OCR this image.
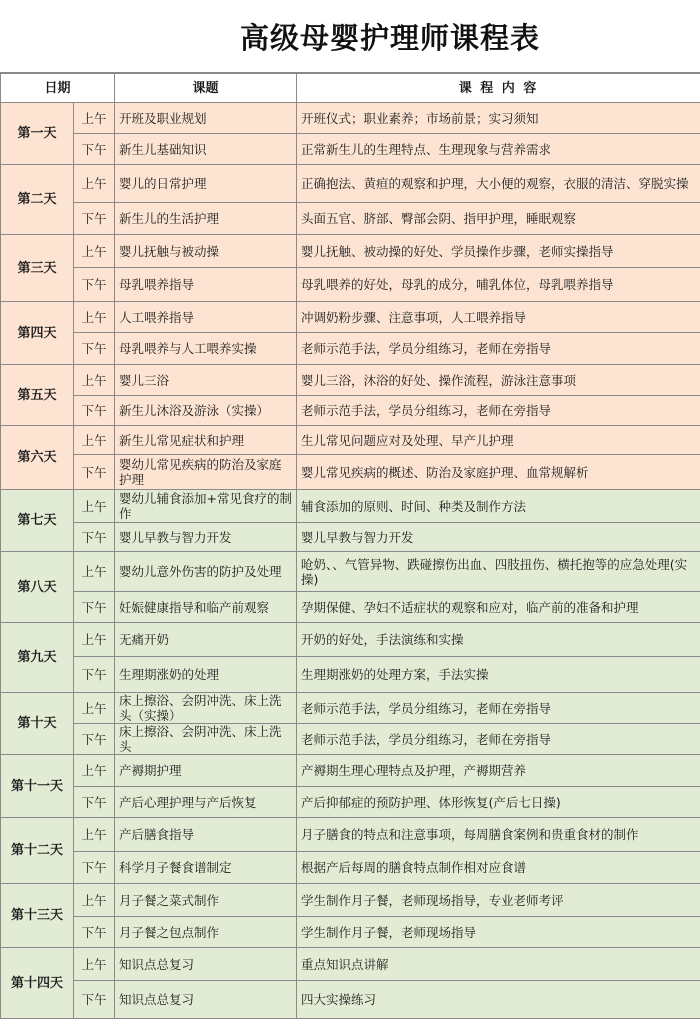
高级母婴护理师课程表
日期		课题	课 程 内 容
第一天	上午	开班及职业规划	开班仪式；职业素养；市场前景；实习须知
	下午	新生儿基础知识	正常新生儿的生理特点、生理现象与营养需求
第二天	上午	婴儿的日常护理	正确抱法、黄疸的观察和护理，大小便的观察，衣服的清洁、穿脱实操
	下午	新生儿的生活护理	头面五官、脐部、臀部会阴、指甲护理，睡眠观察
第三天	上午	婴儿抚触与被动操	婴儿抚触、被动操的好处、学员操作步骤，老师实操指导
	下午	母乳喂养指导	母乳喂养的好处，母乳的成分，哺乳体位，母乳喂养指导
第四天	上午	人工喂养指导	冲调奶粉步骤、注意事项，人工喂养指导
	下午	母乳喂养与人工喂养实操	老师示范手法，学员分组练习，老师在旁指导
第五天	上午	婴儿三浴	婴儿三浴，沐浴的好处、操作流程，游泳注意事项
	下午	新生儿沐浴及游泳（实操）	老师示范手法，学员分组练习，老师在旁指导
第六天	上午	新生儿常见症状和护理	生儿常见问题应对及处理、早产儿护理
	下午	婴幼儿常见疾病的防治及家庭护理	婴儿常见疾病的概述、防治及家庭护理、血常规解析
第七天	上午	婴幼儿辅食添加+常见食疗的制作	辅食添加的原则、时间、种类及制作方法
	下午	婴儿早教与智力开发	婴儿早教与智力开发
第八天	上午	婴幼儿意外伤害的防护及处理	呛奶、、气管异物、跌碰擦伤出血、四肢扭伤、横托抱等的应急处理(实操)
	下午	妊娠健康指导和临产前观察	孕期保健、孕妇不适症状的观察和应对，临产前的准备和护理
第九天	上午	无痛开奶	开奶的好处，手法演练和实操
	下午	生理期涨奶的处理	生理期涨奶的处理方案，手法实操
第十天	上午	床上擦浴、会阴冲洗、床上洗头（实操）	老师示范手法，学员分组练习，老师在旁指导
	下午	床上擦浴、会阴冲洗、床上洗头	老师示范手法，学员分组练习，老师在旁指导
第十一天	上午	产褥期护理	产褥期生理心理特点及护理，产褥期营养
	下午	产后心理护理与产后恢复	产后抑郁症的预防护理、体形恢复(产后七日操)
第十二天	上午	产后膳食指导	月子膳食的特点和注意事项，每周膳食案例和贵重食材的制作
	下午	科学月子餐食谱制定	根据产后每周的膳食特点制作相对应食谱
第十三天	上午	月子餐之菜式制作	学生制作月子餐，老师现场指导，专业老师考评
	下午	月子餐之包点制作	学生制作月子餐，老师现场指导
第十四天	上午	知识点总复习	重点知识点讲解
	下午	知识点总复习	四大实操练习
